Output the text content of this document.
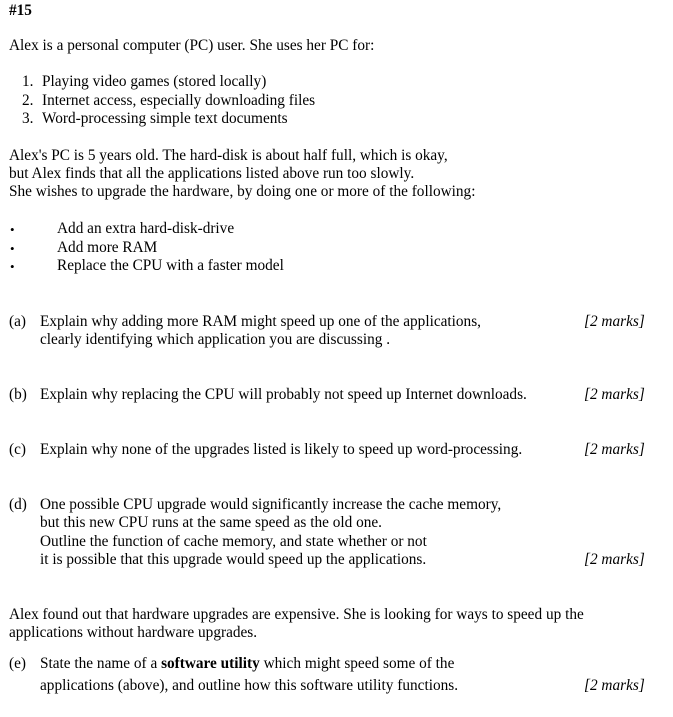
#15
Alex is a personal computer (PC) user. She uses her PC for:
1. Playing video games (stored locally)
2. Internet access, especially downloading files
3. Word-processing simple text documents
Alex's PC is 5 years old. The hard-disk is about half full, which is okay,
but Alex finds that all the applications listed above run too slowly.
She wishes to upgrade the hardware, by doing one or more of the following:
•	Add an extra hard-disk-drive
•	Add more RAM
•	Replace the CPU with a faster model
(a) Explain why adding more RAM might speed up one of the applications,
clearly identifying which application you are discussing .
[2 marks]
(b) Explain why replacing the CPU will probably not speed up Internet downloads.	[2 marks]
(c) Explain why none of the upgrades listed is likely to speed up word-processing.	[2 marks]
(d) One possible CPU upgrade would significantly increase the cache memory,
but this new CPU runs at the same speed as the old one.
Outline the function of cache memory, and state whether or not
it is possible that this upgrade would speed up the applications.	[2 marks]
Alex found out that hardware upgrades are expensive. She is looking for ways to speed up the
applications without hardware upgrades.
(e) State the name of a software utility which might speed some of the
applications (above), and outline how this software utility functions.	[2 marks]
